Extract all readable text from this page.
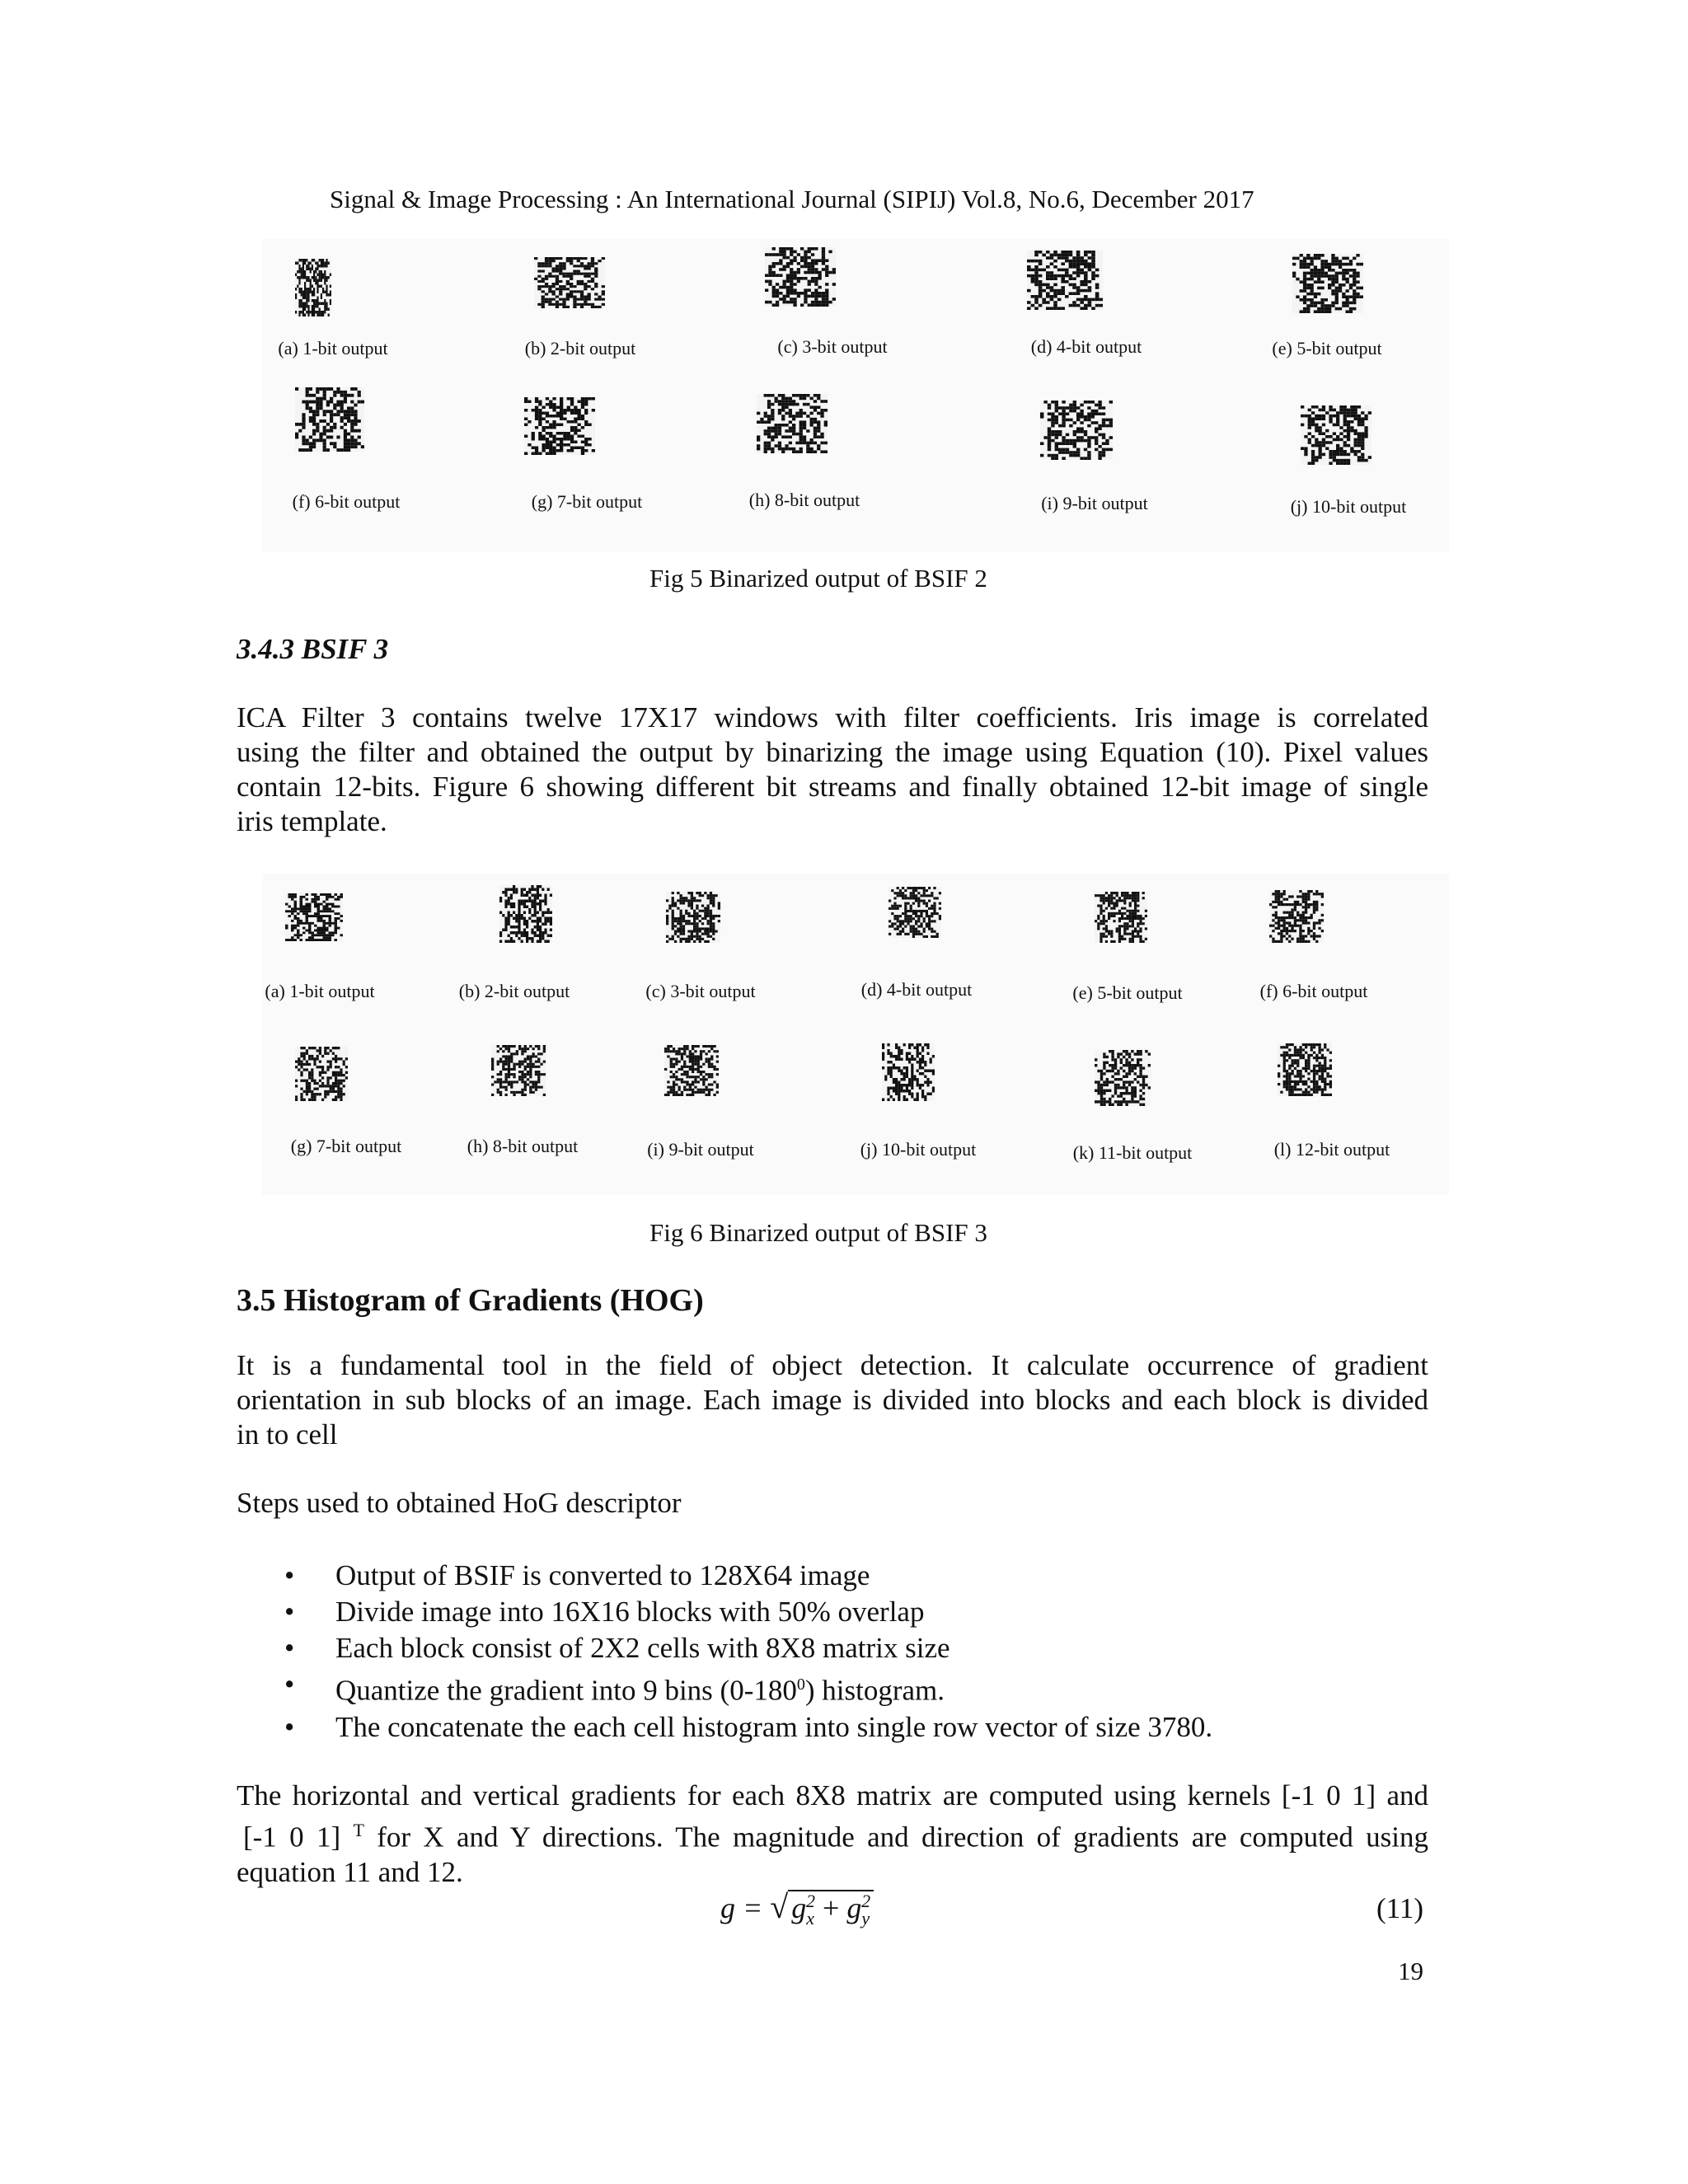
Signal & Image Processing : An International Journal (SIPIJ) Vol.8, No.6, December 2017
(a) 1-bit output	(b) 2-bit output	(c) 3-bit output	(d) 4-bit output	(e) 5-bit output
(f) 6-bit output	(g) 7-bit output	(h) 8-bit output	(i) 9-bit output	(j) 10-bit output
Fig 5 Binarized output of BSIF 2
3.4.3 BSIF 3
ICA Filter 3 contains twelve 17X17 windows with filter coefficients. Iris image is correlated
using the filter and obtained the output by binarizing the image using Equation (10). Pixel values
contain 12-bits. Figure 6 showing different bit streams and finally obtained 12-bit image of single
iris template.
(a) 1-bit output	(b) 2-bit output	(c) 3-bit output	(d) 4-bit output	(e) 5-bit output	(f) 6-bit output
(g) 7-bit output	(h) 8-bit output	(i) 9-bit output	(j) 10-bit output	(k) 11-bit output	(l) 12-bit output
Fig 6 Binarized output of BSIF 3
3.5 Histogram of Gradients (HOG)
It is a fundamental tool in the field of object detection. It calculate occurrence of gradient
orientation in sub blocks of an image. Each image is divided into blocks and each block is divided
in to cell
Steps used to obtained HoG descriptor
• Output of BSIF is converted to 128X64 image
• Divide image into 16X16 blocks with 50% overlap
• Each block consist of 2X2 cells with 8X8 matrix size
• Quantize the gradient into 9 bins $(0-180^0)$ histogram.
• The concatenate the each cell histogram into single row vector of size 3780.
The horizontal and vertical gradients for each 8X8 matrix are computed using kernels [-1 0 1] and
[-1 0 1] $^T$ for X and Y directions. The magnitude and direction of gradients are computed using
equation 11 and 12.
g = √ $g_x^2 + g_y^2$	(11)
19
